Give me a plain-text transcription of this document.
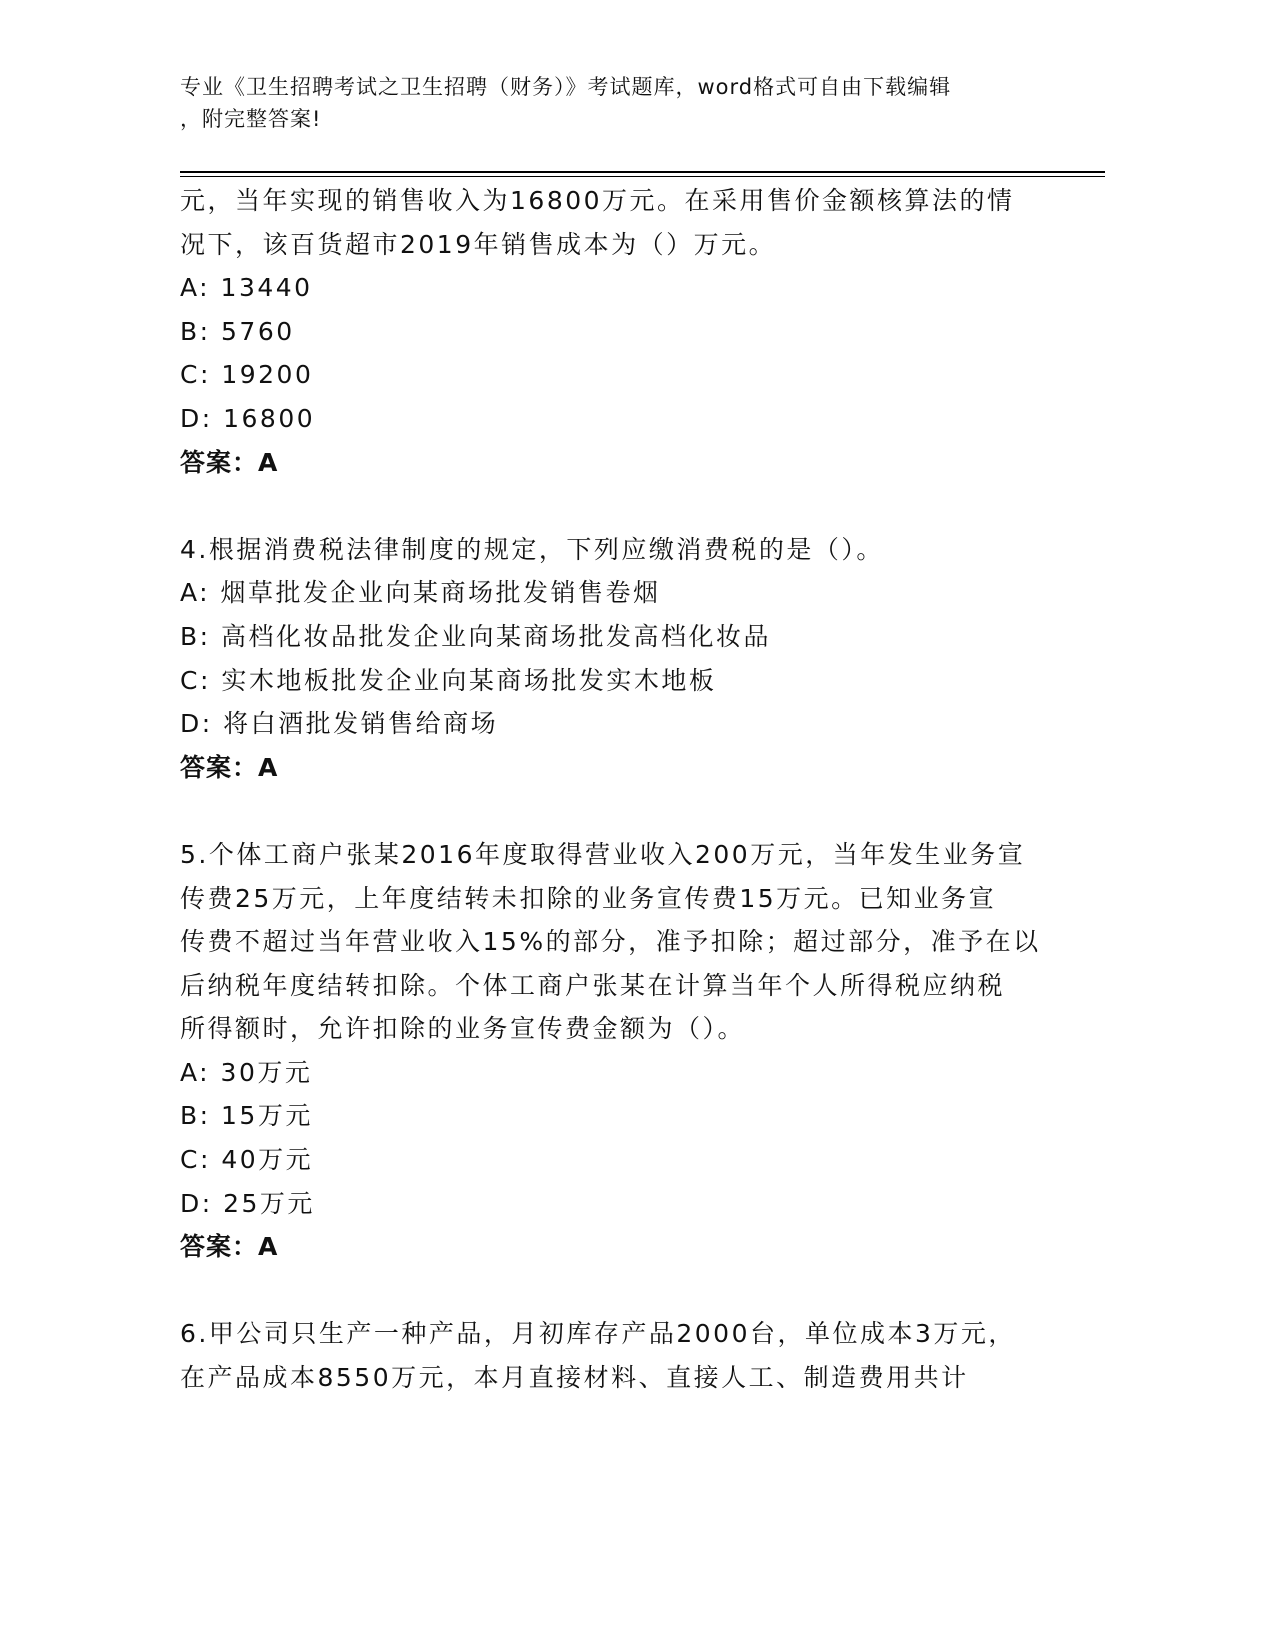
专业《卫生招聘考试之卫生招聘（财务）》考试题库，word格式可自由下载编辑
，附完整答案!
元，当年实现的销售收入为16800万元。在采用售价金额核算法的情
况下，该百货超市2019年销售成本为（）万元。
A: 13440
B: 5760
C: 19200
D: 16800
答案：A
4.根据消费税法律制度的规定，下列应缴消费税的是（）。
A: 烟草批发企业向某商场批发销售卷烟
B: 高档化妆品批发企业向某商场批发高档化妆品
C: 实木地板批发企业向某商场批发实木地板
D: 将白酒批发销售给商场
答案：A
5.个体工商户张某2016年度取得营业收入200万元，当年发生业务宣
传费25万元，上年度结转未扣除的业务宣传费15万元。已知业务宣
传费不超过当年营业收入15%的部分，准予扣除；超过部分，准予在以
后纳税年度结转扣除。个体工商户张某在计算当年个人所得税应纳税
所得额时，允许扣除的业务宣传费金额为（）。
A: 30万元
B: 15万元
C: 40万元
D: 25万元
答案：A
6.甲公司只生产一种产品，月初库存产品2000台，单位成本3万元，
在产品成本8550万元，本月直接材料、直接人工、制造费用共计
